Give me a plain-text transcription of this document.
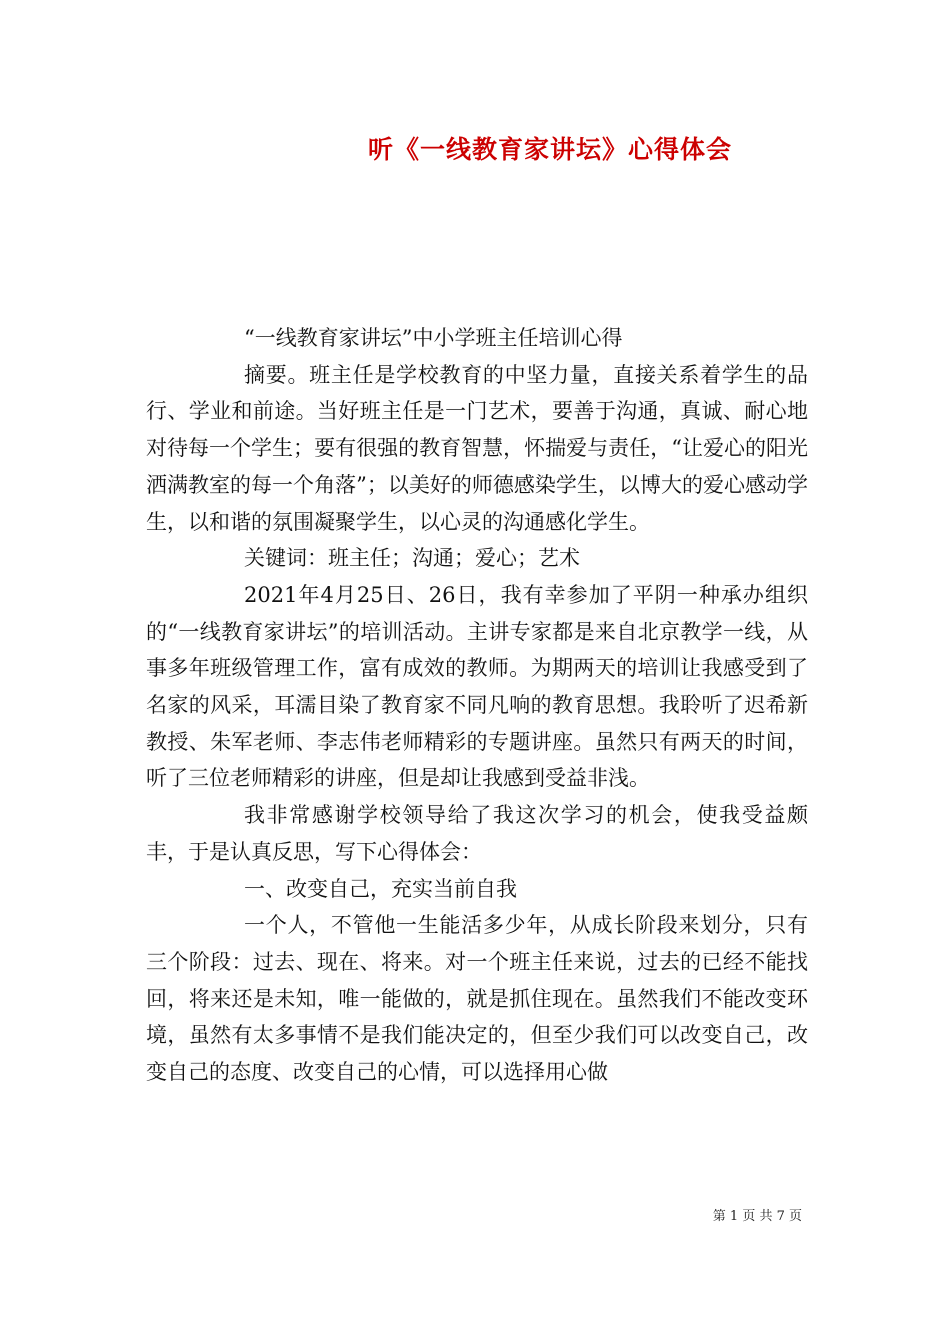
听《一线教育家讲坛》心得体会

“一线教育家讲坛”中小学班主任培训心得

摘要。班主任是学校教育的中坚力量，直接关系着学生的品行、学业和前途。当好班主任是一门艺术，要善于沟通，真诚、耐心地对待每一个学生；要有很强的教育智慧，怀揣爱与责任，“让爱心的阳光洒满教室的每一个角落”；以美好的师德感染学生，以博大的爱心感动学生，以和谐的氛围凝聚学生，以心灵的沟通感化学生。

关键词：班主任；沟通；爱心；艺术

2021年4月25日、26日，我有幸参加了平阴一种承办组织的“一线教育家讲坛”的培训活动。主讲专家都是来自北京教学一线，从事多年班级管理工作，富有成效的教师。为期两天的培训让我感受到了名家的风采，耳濡目染了教育家不同凡响的教育思想。我聆听了迟希新教授、朱军老师、李志伟老师精彩的专题讲座。虽然只有两天的时间，听了三位老师精彩的讲座，但是却让我感到受益非浅。

我非常感谢学校领导给了我这次学习的机会，使我受益颇丰，于是认真反思，写下心得体会：

一、改变自己，充实当前自我

一个人，不管他一生能活多少年，从成长阶段来划分，只有三个阶段：过去、现在、将来。对一个班主任来说，过去的已经不能找回，将来还是未知，唯一能做的，就是抓住现在。虽然我们不能改变环境，虽然有太多事情不是我们能决定的，但至少我们可以改变自己，改变自己的态度、改变自己的心情，可以选择用心做

第 1 页 共 7 页
